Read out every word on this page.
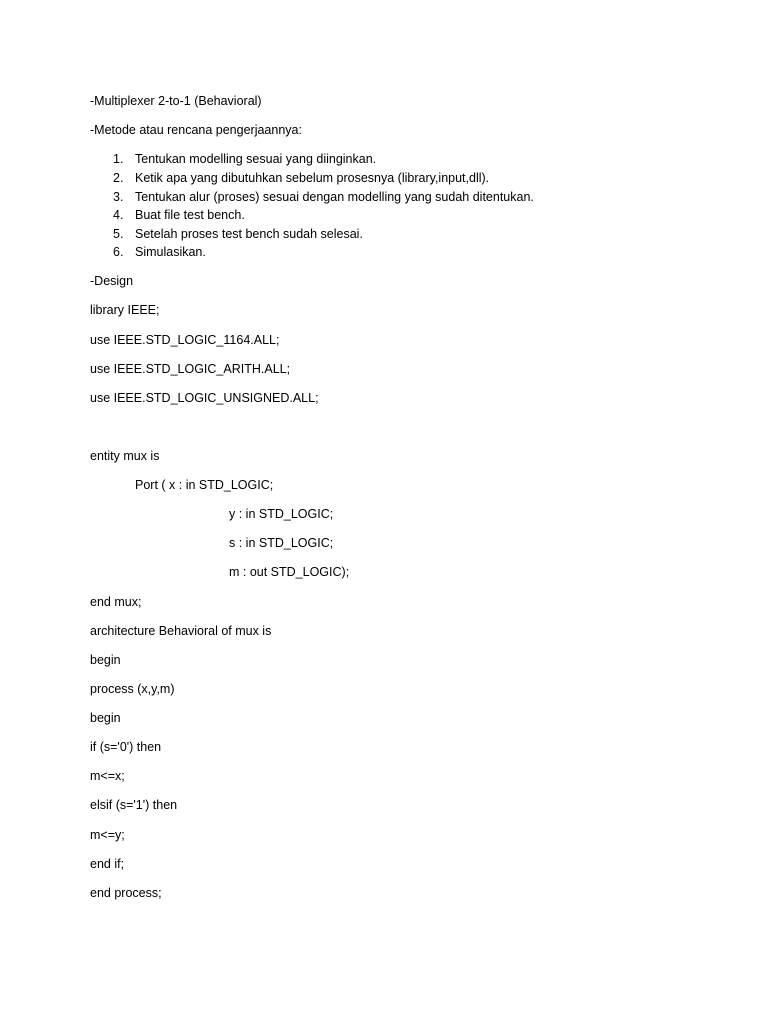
-Multiplexer 2-to-1 (Behavioral)
-Metode atau rencana pengerjaannya:
1. Tentukan modelling sesuai yang diinginkan.
2. Ketik apa yang dibutuhkan sebelum prosesnya (library,input,dll).
3. Tentukan alur (proses) sesuai dengan modelling yang sudah ditentukan.
4. Buat file test bench.
5. Setelah proses test bench sudah selesai.
6. Simulasikan.
-Design
library IEEE;
use IEEE.STD_LOGIC_1164.ALL;
use IEEE.STD_LOGIC_ARITH.ALL;
use IEEE.STD_LOGIC_UNSIGNED.ALL;
entity mux is
Port ( x : in STD_LOGIC;
y : in STD_LOGIC;
s : in STD_LOGIC;
m : out STD_LOGIC);
end mux;
architecture Behavioral of mux is
begin
process (x,y,m)
begin
if (s='0') then
m<=x;
elsif (s='1') then
m<=y;
end if;
end process;
